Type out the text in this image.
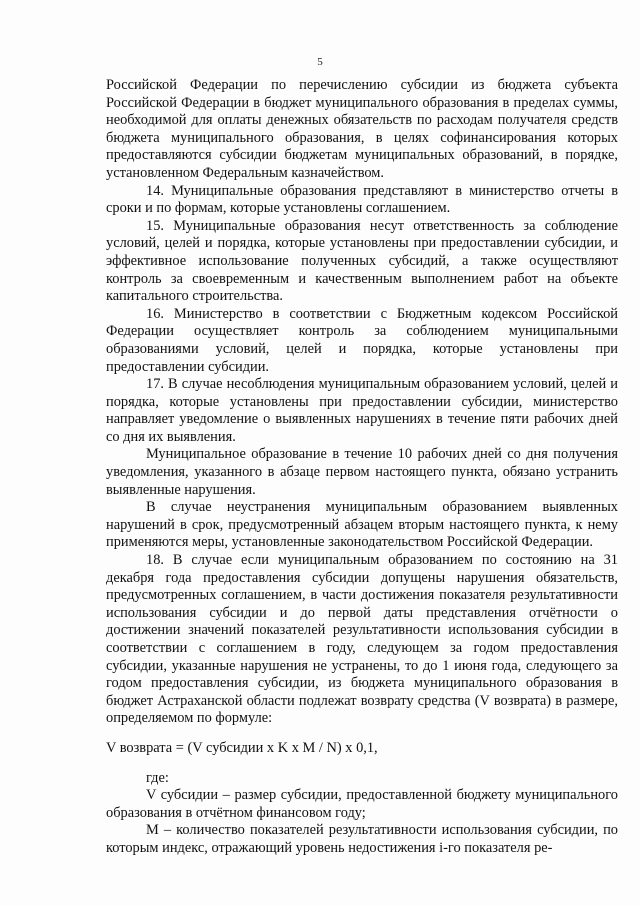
5

Российской Федерации по перечислению субсидии из бюджета субъекта Российской Федерации в бюджет муниципального образования в пределах суммы, необходимой для оплаты денежных обязательств по расходам получателя средств бюджета муниципального образования, в целях софинансирования которых предоставляются субсидии бюджетам муниципальных образований, в порядке, установленном Федеральным казначейством.

14. Муниципальные образования представляют в министерство отчеты в сроки и по формам, которые установлены соглашением.

15. Муниципальные образования несут ответственность за соблюдение условий, целей и порядка, которые установлены при предоставлении субсидии, и эффективное использование полученных субсидий, а также осуществляют контроль за своевременным и качественным выполнением работ на объекте капитального строительства.

16. Министерство в соответствии с Бюджетным кодексом Российской Федерации осуществляет контроль за соблюдением муниципальными образованиями условий, целей и порядка, которые установлены при предоставлении субсидии.

17. В случае несоблюдения муниципальным образованием условий, целей и порядка, которые установлены при предоставлении субсидии, министерство направляет уведомление о выявленных нарушениях в течение пяти рабочих дней со дня их выявления.

Муниципальное образование в течение 10 рабочих дней со дня получения уведомления, указанного в абзаце первом настоящего пункта, обязано устранить выявленные нарушения.

В случае неустранения муниципальным образованием выявленных нарушений в срок, предусмотренный абзацем вторым настоящего пункта, к нему применяются меры, установленные законодательством Российской Федерации.

18. В случае если муниципальным образованием по состоянию на 31 декабря года предоставления субсидии допущены нарушения обязательств, предусмотренных соглашением, в части достижения показателя результативности использования субсидии и до первой даты представления отчётности о достижении значений показателей результативности использования субсидии в соответствии с соглашением в году, следующем за годом предоставления субсидии, указанные нарушения не устранены, то до 1 июня года, следующего за годом предоставления субсидии, из бюджета муниципального образования в бюджет Астраханской области подлежат возврату средства (V возврата) в размере, определяемом по формуле:

V возврата = (V субсидии х K х M / N) х 0,1,

где:

V субсидии – размер субсидии, предоставленной бюджету муниципального образования в отчётном финансовом году;

M – количество показателей результативности использования субсидии, по которым индекс, отражающий уровень недостижения i-го показателя ре-
